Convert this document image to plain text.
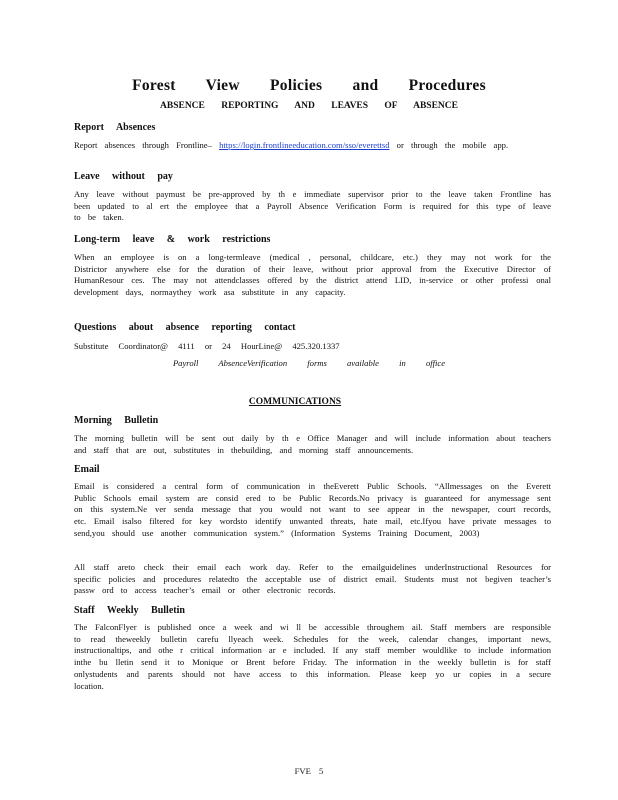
Forest View Policies and Procedures
ABSENCE REPORTING AND LEAVES OF ABSENCE
Report Absences

Report absences through Frontline– https://login.frontlineeducation.com/sso/everettsd or through the mobile app.

Leave without pay

Any leave without paymust be pre-approved by th e immediate supervisor prior to the leave taken Frontline has been updated to al ert the employee that a Payroll Absence Verification Form is required for this type of leave to be taken.

Long-term leave & work restrictions

When an employee is on a long-termleave (medical , personal, childcare, etc.) they may not work for the Districtor anywhere else for the duration of their leave, without prior approval from the Executive Director of HumanResour ces. The may not attendclasses offered by the district attend LID, in-service or other professi onal development days, normaythey work asa substitute in any capacity.

Questions about absence reporting contact
Substitute Coordinator@ 4111 or 24 HourLine@ 425.320.1337
Payroll AbsenceVerification forms available in office
COMMUNICATIONS
Morning Bulletin

The morning bulletin will be sent out daily by th e Office Manager and will include information about teachers and staff that are out, substitutes in thebuilding, and morning staff announcements.

Email

Email is considered a central form of communication in theEverett Public Schools. “Allmessages on the Everett Public Schools email system are consid ered to be Public Records.No privacy is guaranteed for anymessage sent on this system.Ne ver senda message that you would not want to see appear in the newspaper, court records, etc. Email isalso filtered for key wordsto identify unwanted threats, hate mail, etc.Ifyou have private messages to send,you should use another communication system.” (Information Systems Training Document, 2003)

All staff areto check their email each work day. Refer to the emailguidelines underInstructional Resources for specific policies and procedures relatedto the acceptable use of district email. Students must not begiven teacher’s passw ord to access teacher’s email or other electronic records.

Staff Weekly Bulletin

The FalconFlyer is published once a week and wi ll be accessible throughem ail. Staff members are responsible to read theweekly bulletin carefu llyeach week. Schedules for the week, calendar changes, important news, instructionaltips, and othe r critical information ar e included. If any staff member wouldlike to include information inthe bu lletin send it to Monique or Brent before Friday. The information in the weekly bulletin is for staff onlystudents and parents should not have access to this information. Please keep yo ur copies in a secure location.

FVE 5
